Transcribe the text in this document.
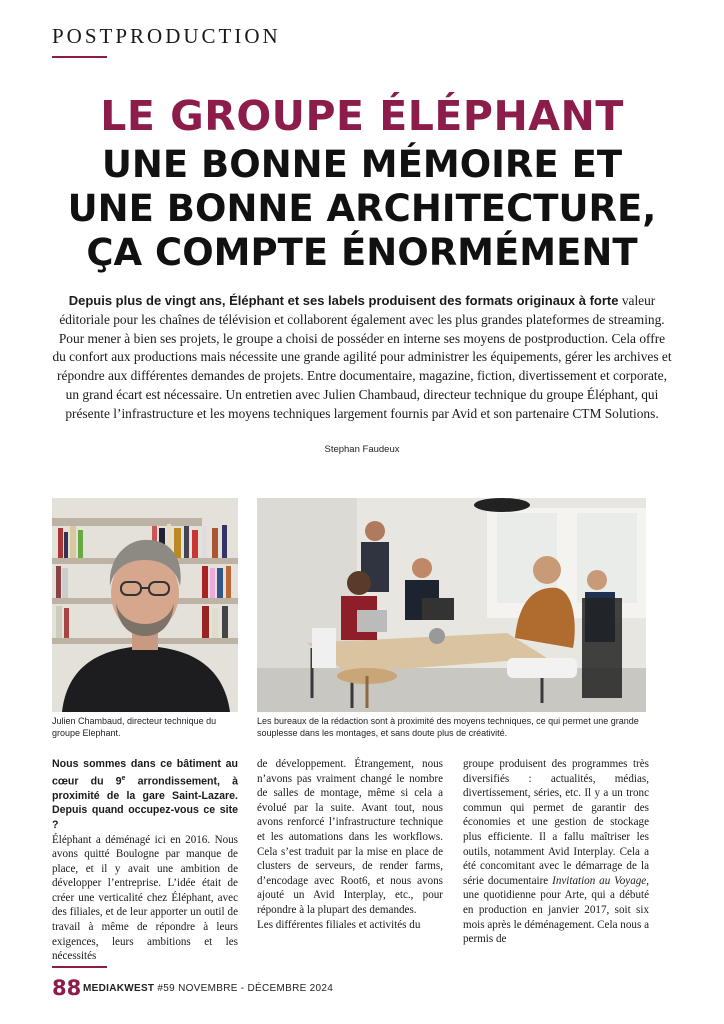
POSTPRODUCTION
LE GROUPE ÉLÉPHANT
UNE BONNE MÉMOIRE ET
UNE BONNE ARCHITECTURE,
ÇA COMPTE ÉNORMÉMENT
Depuis plus de vingt ans, Éléphant et ses labels produisent des formats originaux à forte valeur éditoriale pour les chaînes de télévision et collaborent également avec les plus grandes plateformes de streaming. Pour mener à bien ses projets, le groupe a choisi de posséder en interne ses moyens de postproduction. Cela offre du confort aux productions mais nécessite une grande agilité pour administrer les équipements, gérer les archives et répondre aux différentes demandes de projets. Entre documentaire, magazine, fiction, divertissement et corporate, un grand écart est nécessaire. Un entretien avec Julien Chambaud, directeur technique du groupe Éléphant, qui présente l’infrastructure et les moyens techniques largement fournis par Avid et son partenaire CTM Solutions.
Stephan Faudeux
Julien Chambaud, directeur technique du groupe Elephant.
Les bureaux de la rédaction sont à proximité des moyens techniques, ce qui permet une grande souplesse dans les montages, et sans doute plus de créativité.

Nous sommes dans ce bâtiment au cœur du 9e arrondissement, à proximité de la gare Saint-Lazare. Depuis quand occupez-vous ce site ?

Éléphant a déménagé ici en 2016. Nous avons quitté Boulogne par manque de place, et il y avait une ambition de développer l’entreprise. L’idée était de créer une verticalité chez Éléphant, avec des filiales, et de leur apporter un outil de travail à même de répondre à leurs exigences, leurs ambitions et les nécessités

de développement. Étrangement, nous n’avons pas vraiment changé le nombre de salles de montage, même si cela a évolué par la suite. Avant tout, nous avons renforcé l’infrastructure technique et les automations dans les workflows. Cela s’est traduit par la mise en place de clusters de serveurs, de render farms, d’encodage avec Root6, et nous avons ajouté un Avid Interplay, etc., pour répondre à la plupart des demandes.

Les différentes filiales et activités du

groupe produisent des programmes très diversifiés : actualités, médias, divertissement, séries, etc. Il y a un tronc commun qui permet de garantir des économies et une gestion de stockage plus efficiente. Il a fallu maîtriser les outils, notamment Avid Interplay. Cela a été concomitant avec le démarrage de la série documentaire Invitation au Voyage, une quotidienne pour Arte, qui a débuté en production en janvier 2017, soit six mois après le déménagement. Cela nous a permis de

88 MEDIAKWEST #59 NOVEMBRE - DÉCEMBRE 2024
